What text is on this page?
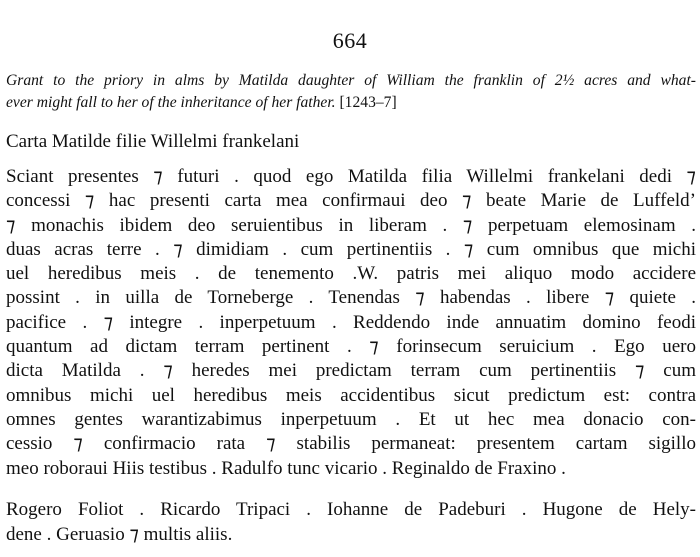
664
Grant to the priory in alms by Matilda daughter of William the franklin of 2½ acres and what-
ever might fall to her of the inheritance of her father. [1243–7]
Carta Matilde filie Willelmi frankelani
Sciant presentes ⁊ futuri . quod ego Matilda filia Willelmi frankelani dedi ⁊
concessi ⁊ hac presenti carta mea confirmaui deo ⁊ beate Marie de Luffeld’
⁊ monachis ibidem deo seruientibus in liberam . ⁊ perpetuam elemosinam .
duas acras terre . ⁊ dimidiam . cum pertinentiis . ⁊ cum omnibus que michi
uel heredibus meis . de tenemento .W. patris mei aliquo modo accidere
possint . in uilla de Torneberge . Tenendas ⁊ habendas . libere ⁊ quiete .
pacifice . ⁊ integre . inperpetuum . Reddendo inde annuatim domino feodi
quantum ad dictam terram pertinent . ⁊ forinsecum seruicium . Ego uero
dicta Matilda . ⁊ heredes mei predictam terram cum pertinentiis ⁊ cum
omnibus michi uel heredibus meis accidentibus sicut predictum est: contra
omnes gentes warantizabimus inperpetuum . Et ut hec mea donacio con-
cessio ⁊ confirmacio rata ⁊ stabilis permaneat: presentem cartam sigillo
meo roboraui Hiis testibus . Radulfo tunc vicario . Reginaldo de Fraxino .
Rogero Foliot . Ricardo Tripaci . Iohanne de Padeburi . Hugone de Hely-
dene . Geruasio ⁊ multis aliis.
